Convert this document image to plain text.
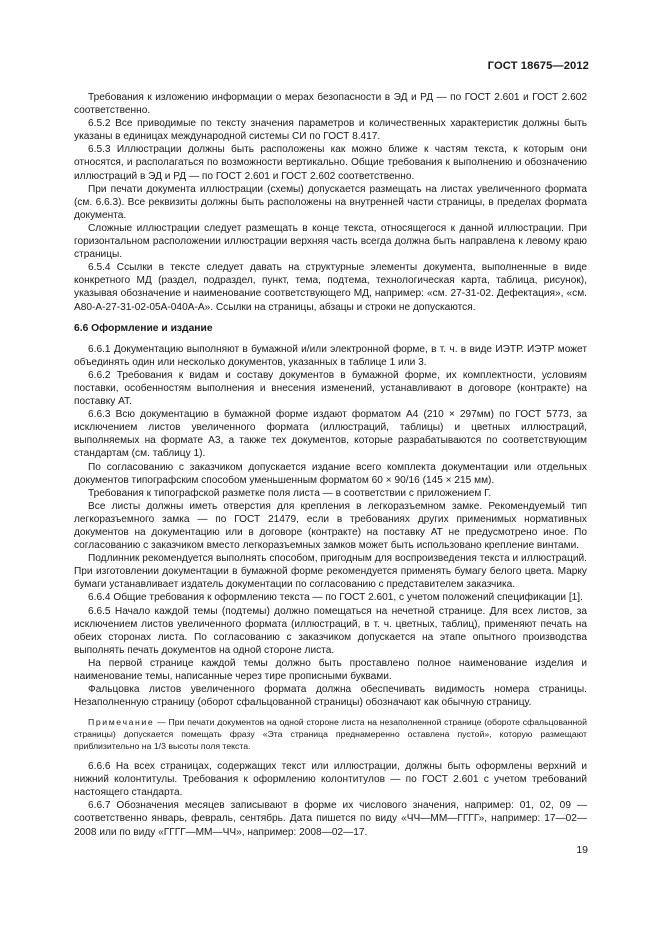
ГОСТ 18675—2012

Требования к изложению информации о мерах безопасности в ЭД и РД — по ГОСТ 2.601 и ГОСТ 2.602 соответственно.

6.5.2 Все приводимые по тексту значения параметров и количественных характеристик должны быть указаны в единицах международной системы СИ по ГОСТ 8.417.

6.5.3 Иллюстрации должны быть расположены как можно ближе к частям текста, к которым они относятся, и располагаться по возможности вертикально. Общие требования к выполнению и обозначению иллюстраций в ЭД и РД — по ГОСТ 2.601 и ГОСТ 2.602 соответственно.

При печати документа иллюстрации (схемы) допускается размещать на листах увеличенного формата (см. 6.6.3). Все реквизиты должны быть расположены на внутренней части страницы, в пределах формата документа.

Сложные иллюстрации следует размещать в конце текста, относящегося к данной иллюстрации. При горизонтальном расположении иллюстрации верхняя часть всегда должна быть направлена к левому краю страницы.

6.5.4 Ссылки в тексте следует давать на структурные элементы документа, выполненные в виде конкретного МД (раздел, подраздел, пункт, тема, подтема, технологическая карта, таблица, рисунок), указывая обозначение и наименование соответствующего МД, например: «см. 27-31-02. Дефектация», «см. А80-А-27-31-02-05А-040А-А». Ссылки на страницы, абзацы и строки не допускаются.

6.6 Оформление и издание

6.6.1 Документацию выполняют в бумажной и/или электронной форме, в т. ч. в виде ИЭТР. ИЭТР может объединять один или несколько документов, указанных в таблице 1 или 3.

6.6.2 Требования к видам и составу документов в бумажной форме, их комплектности, условиям поставки, особенностям выполнения и внесения изменений, устанавливают в договоре (контракте) на поставку АТ.

6.6.3 Всю документацию в бумажной форме издают форматом А4 (210 × 297мм) по ГОСТ 5773, за исключением листов увеличенного формата (иллюстраций, таблицы) и цветных иллюстраций, выполняемых на формате А3, а также тех документов, которые разрабатываются по соответствующим стандартам (см. таблицу 1).

По согласованию с заказчиком допускается издание всего комплекта документации или отдельных документов типографским способом уменьшенным форматом 60 × 90/16 (145 × 215 мм).

Требования к типографской разметке поля листа — в соответствии с приложением Г.

Все листы должны иметь отверстия для крепления в легкоразъемном замке. Рекомендуемый тип легкоразъемного замка — по ГОСТ 21479, если в требованиях других применимых нормативных документов на документацию или в договоре (контракте) на поставку АТ не предусмотрено иное. По согласованию с заказчиком вместо легкоразъемных замков может быть использовано крепление винтами.

Подлинник рекомендуется выполнять способом, пригодным для воспроизведения текста и иллюстраций. При изготовлении документации в бумажной форме рекомендуется применять бумагу белого цвета. Марку бумаги устанавливает издатель документации по согласованию с представителем заказчика.

6.6.4 Общие требования к оформлению текста — по ГОСТ 2.601, с учетом положений спецификации [1].

6.6.5 Начало каждой темы (подтемы) должно помещаться на нечетной странице. Для всех листов, за исключением листов увеличенного формата (иллюстраций, в т. ч. цветных, таблиц), применяют печать на обеих сторонах листа. По согласованию с заказчиком допускается на этапе опытного производства выполнять печать документов на одной стороне листа.

На первой странице каждой темы должно быть проставлено полное наименование изделия и наименование темы, написанные через тире прописными буквами.

Фальцовка листов увеличенного формата должна обеспечивать видимость номера страницы. Незаполненную страницу (оборот сфальцованной страницы) обозначают как обычную страницу.

Примечание — При печати документов на одной стороне листа на незаполненной странице (обороте сфальцованной страницы) допускается помещать фразу «Эта страница преднамеренно оставлена пустой», которую размещают приблизительно на 1/3 высоты поля текста.

6.6.6 На всех страницах, содержащих текст или иллюстрации, должны быть оформлены верхний и нижний колонтитулы. Требования к оформлению колонтитулов — по ГОСТ 2.601 с учетом требований настоящего стандарта.

6.6.7 Обозначения месяцев записывают в форме их числового значения, например: 01, 02, 09 — соответственно январь, февраль, сентябрь. Дата пишется по виду «ЧЧ—ММ—ГГГГ», например: 17—02—2008 или по виду «ГГГГ—ММ—ЧЧ», например: 2008—02—17.

19
